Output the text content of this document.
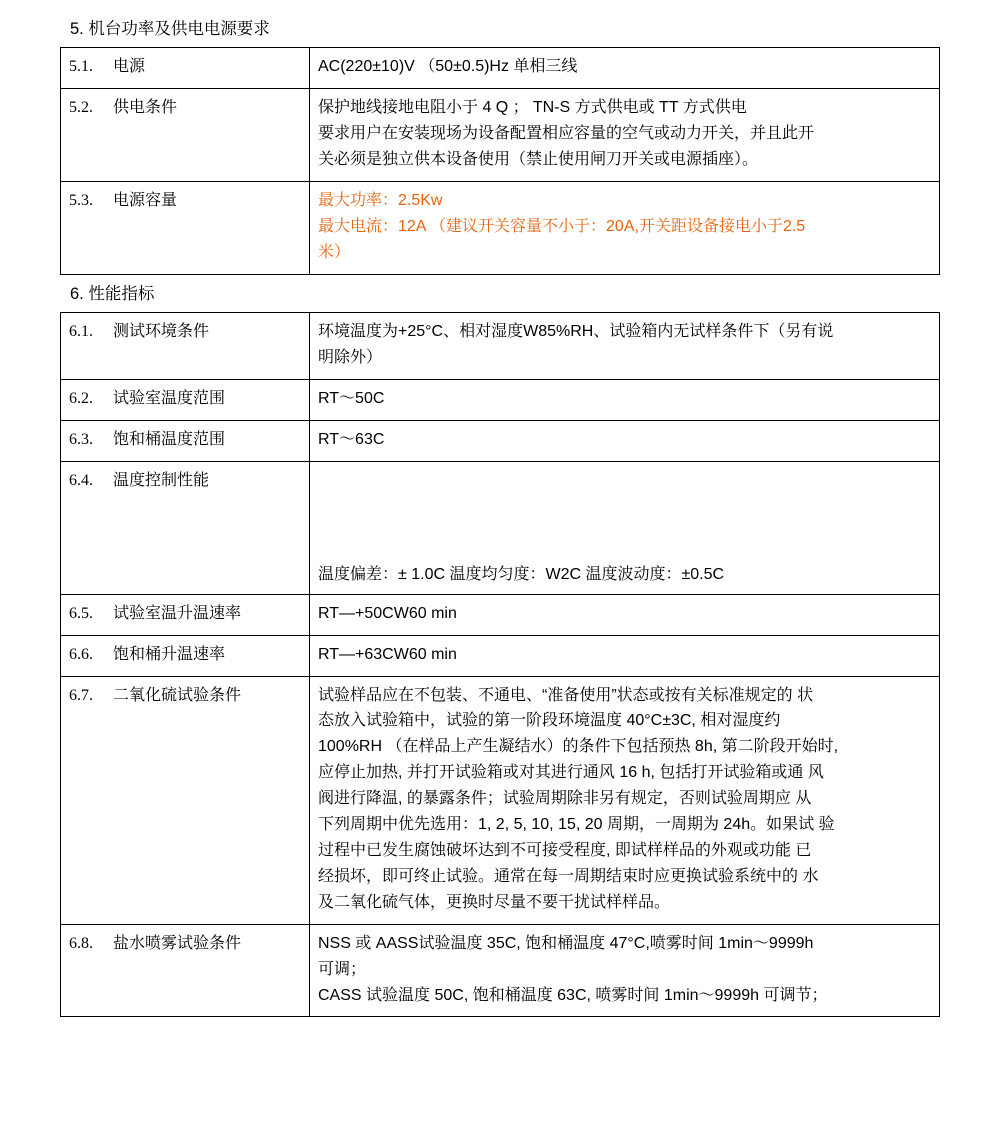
5. 机台功率及供电电源要求
5.1. 电源	AC(220±10)V （50±0.5)Hz 单相三线

5.2. 供电条件	保护地线接地电阻小于 4 Q ； TN-S 方式供电或 TT 方式供电
要求用户在安装现场为设备配置相应容量的空气或动力开关，并且此开
关必须是独立供本设备使用（禁止使用闸刀开关或电源插座）。

5.3. 电源容量	最大功率：2.5Kw
最大电流：12A （建议开关容量不小于：20A,开关距设备接电小于2.5
米）
6. 性能指标
6.1. 测试环境条件	环境温度为+25°C、相对湿度W85%RH、试验箱内无试样条件下（另有说
明除外）

6.2. 试验室温度范围	RT～50C

6.3. 饱和桶温度范围	RT～63C

6.4. 温度控制性能	温度偏差：± 1.0C 温度均匀度：W2C 温度波动度：±0.5C

6.5. 试验室温升温速率	RT—+50CW60 min

6.6. 饱和桶升温速率	RT—+63CW60 min

6.7. 二氧化硫试验条件	试验样品应在不包装、不通电、“准备使用”状态或按有关标准规定的 状
态放入试验箱中，试验的第一阶段环境温度 40°C±3C, 相对湿度约
100%RH （在样品上产生凝结水）的条件下包括预热 8h, 第二阶段开始时,
应停止加热, 并打开试验箱或对其进行通风 16 h, 包括打开试验箱或通 风
阀进行降温, 的暴露条件；试验周期除非另有规定，否则试验周期应 从
下列周期中优先选用：1, 2, 5, 10, 15, 20 周期，一周期为 24h。如果试 验
过程中已发生腐蚀破坏达到不可接受程度, 即试样样品的外观或功能 已
经损坏，即可终止试验。通常在每一周期结束时应更换试验系统中的 水
及二氧化硫气体，更换时尽量不要干扰试样样品。

6.8. 盐水喷雾试验条件	NSS 或 AASS试验温度 35C, 饱和桶温度 47°C,喷雾时间 1min～9999h
可调；
CASS 试验温度 50C, 饱和桶温度 63C, 喷雾时间 1min～9999h 可调节；
